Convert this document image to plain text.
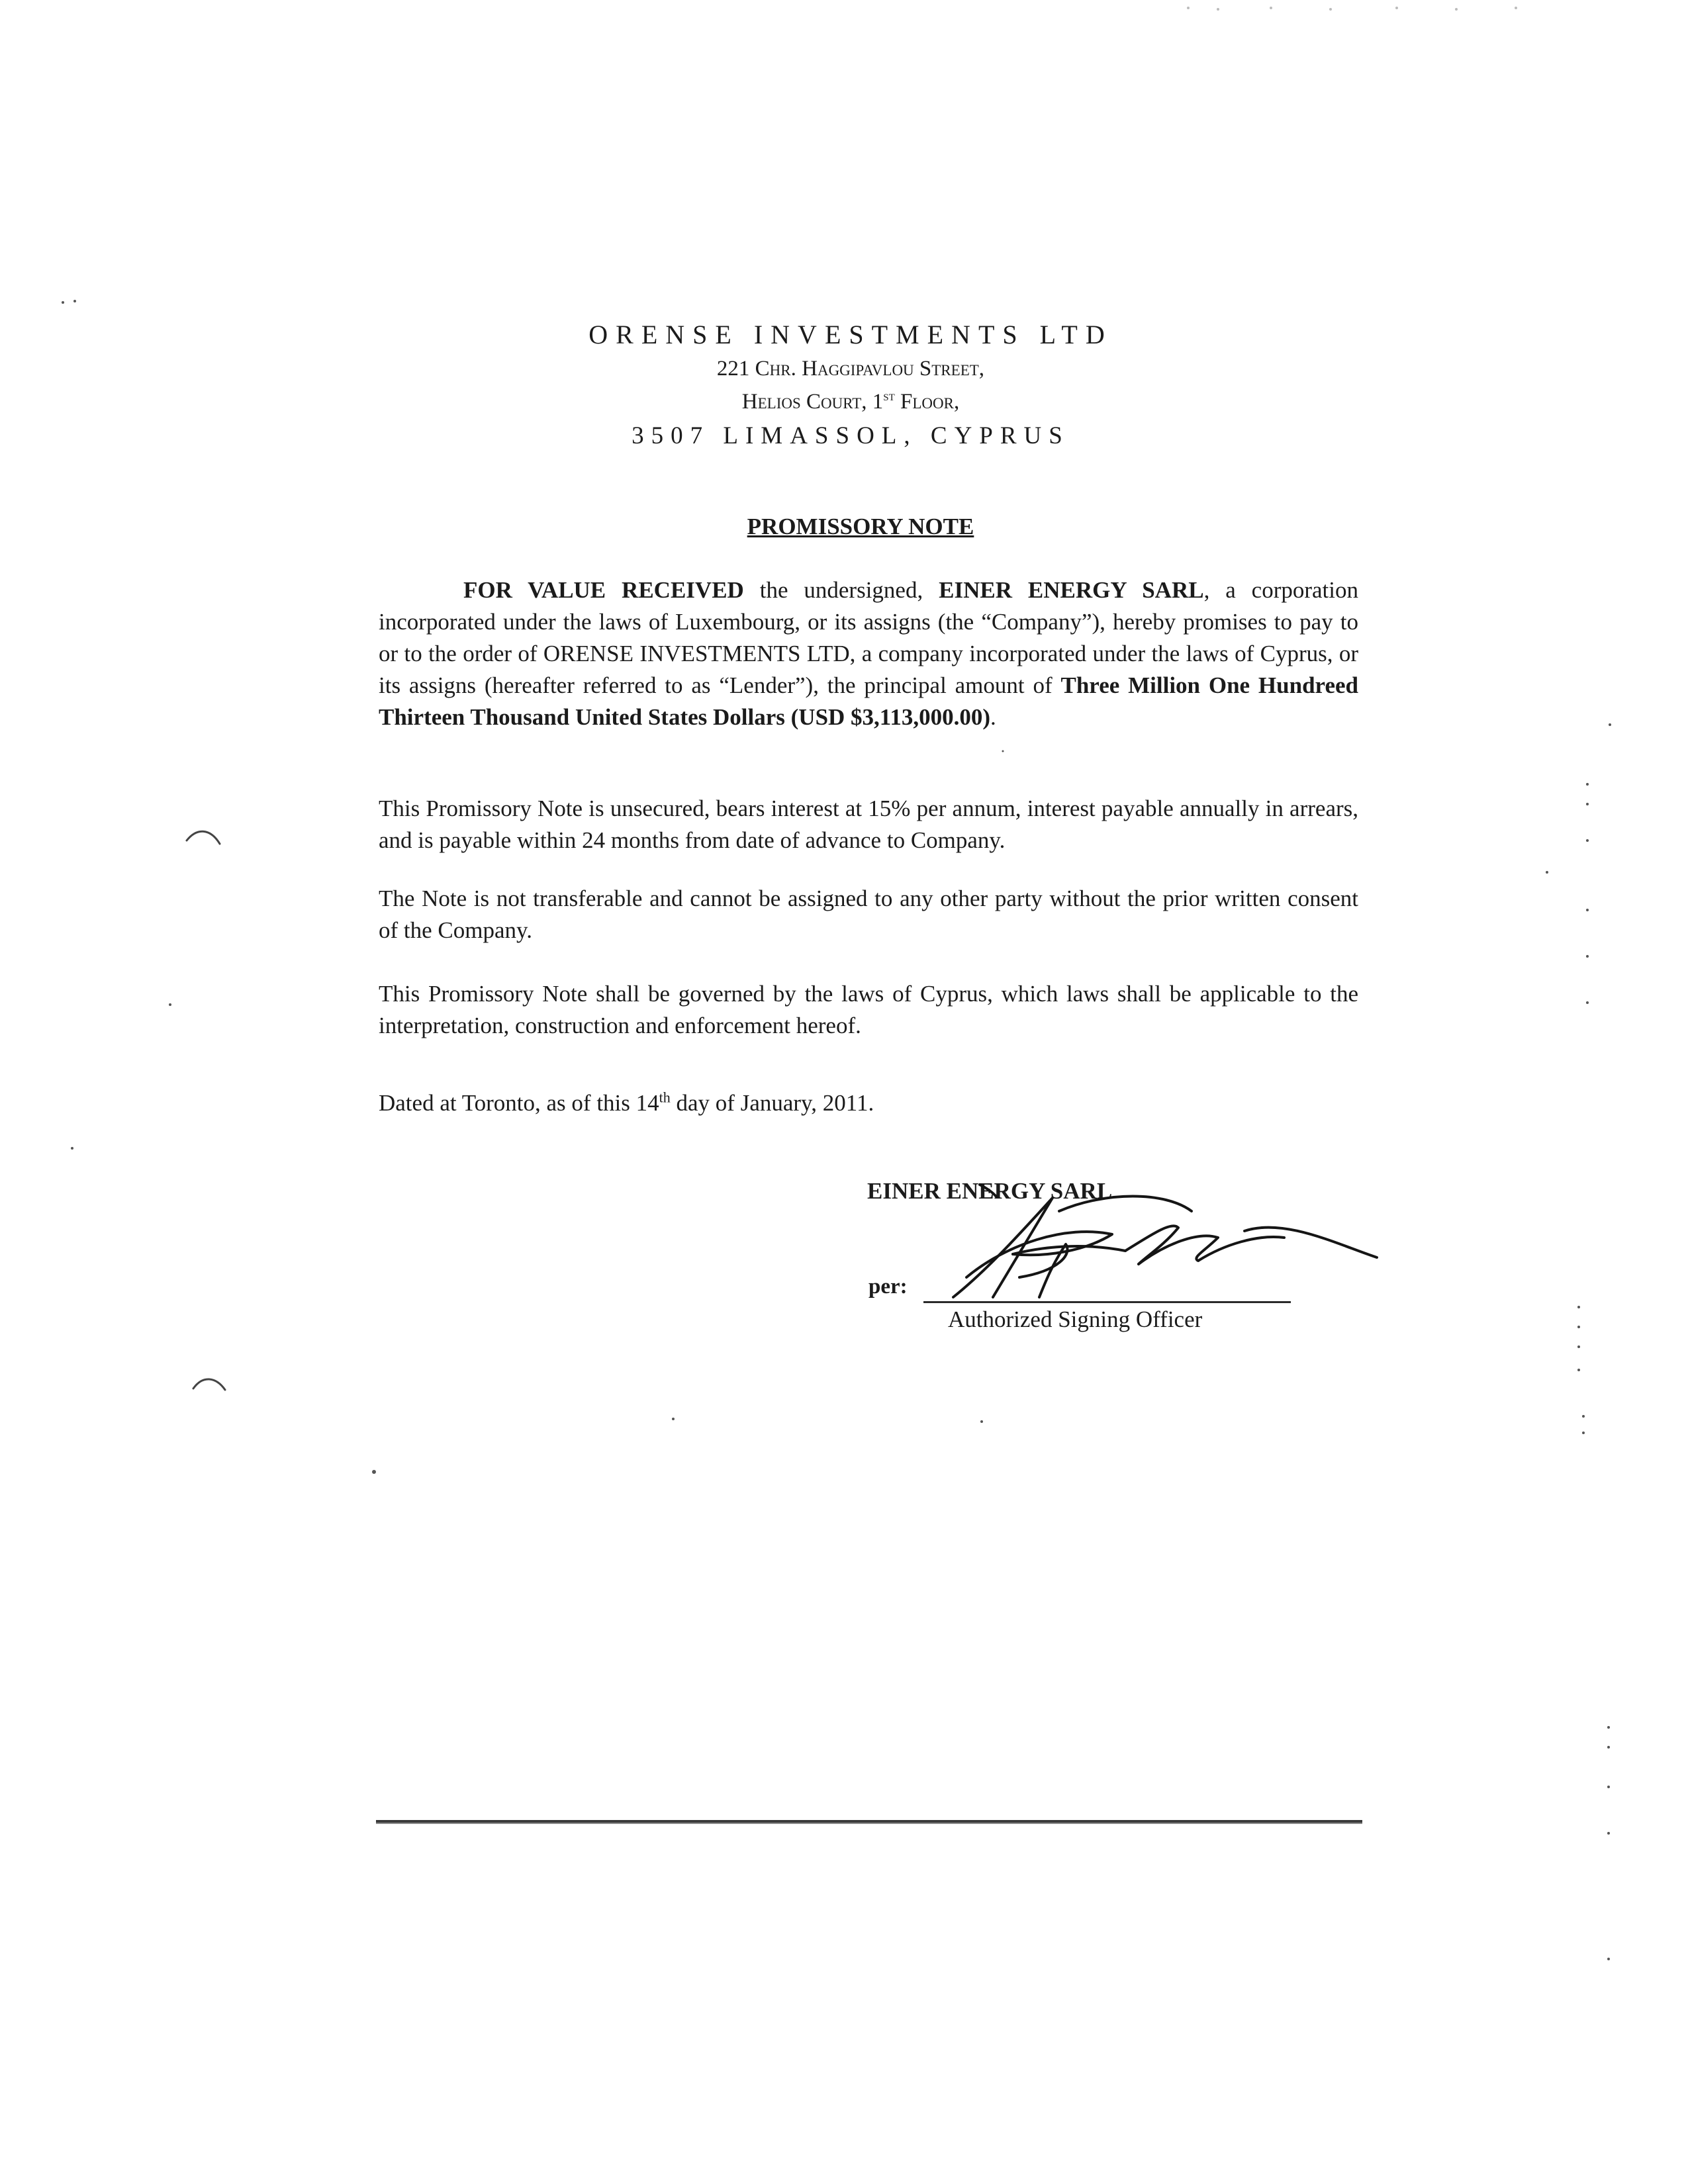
ORENSE INVESTMENTS LTD
221 Chr. Haggipavlou Street,
Helios Court, 1st Floor,
3507 LIMASSOL, CYPRUS
PROMISSORY NOTE
FOR VALUE RECEIVED the undersigned, EINER ENERGY SARL, a corporation incorporated under the laws of Luxembourg, or its assigns (the “Company”), hereby promises to pay to or to the order of ORENSE INVESTMENTS LTD, a company incorporated under the laws of Cyprus, or its assigns (hereafter referred to as “Lender”), the principal amount of Three Million One Hundreed Thirteen Thousand United States Dollars (USD $3,113,000.00).
This Promissory Note is unsecured, bears interest at 15% per annum, interest payable annually in arrears, and is payable within 24 months from date of advance to Company.
The Note is not transferable and cannot be assigned to any other party without the prior written consent of the Company.
This Promissory Note shall be governed by the laws of Cyprus, which laws shall be applicable to the interpretation, construction and enforcement hereof.
Dated at Toronto, as of this 14th day of January, 2011.
EINER ENERGY SARL
per:
Authorized Signing Officer
